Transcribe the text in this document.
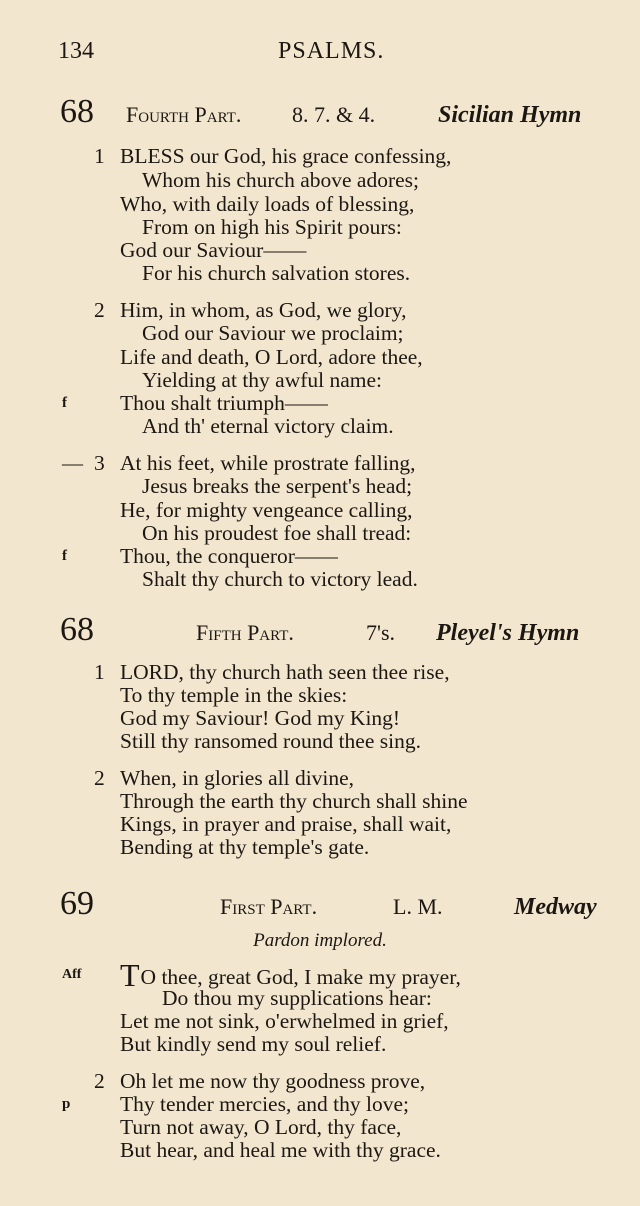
134	PSALMS.
68 Fourth Part. 8. 7. & 4.	Sicilian Hymn
1 BLESS our God, his grace confessing,
Whom his church above adores;
Who, with daily loads of blessing,
From on high his Spirit pours:
God our Saviour——
For his church salvation stores.
2 Him, in whom, as God, we glory,
God our Saviour we proclaim;
Life and death, O Lord, adore thee,
Yielding at thy awful name:
f Thou shalt triumph——
And th' eternal victory claim.
— 3 At his feet, while prostrate falling,
Jesus breaks the serpent's head;
He, for mighty vengeance calling,
On his proudest foe shall tread:
f Thou, the conqueror——
Shalt thy church to victory lead.
68	Fifth Part.	7's. Pleyel's Hymn
1 LORD, thy church hath seen thee rise,
To thy temple in the skies:
God my Saviour! God my King!
Still thy ransomed round thee sing.
2 When, in glories all divine,
Through the earth thy church shall shine
Kings, in prayer and praise, shall wait,
Bending at thy temple's gate.
69	First Part.	L. M.	Medway
Pardon implored.
Aff TO thee, great God, I make my prayer,
Do thou my supplications hear:
Let me not sink, o'erwhelmed in grief,
But kindly send my soul relief.
2 Oh let me now thy goodness prove,
p Thy tender mercies, and thy love;
Turn not away, O Lord, thy face,
But hear, and heal me with thy grace.
